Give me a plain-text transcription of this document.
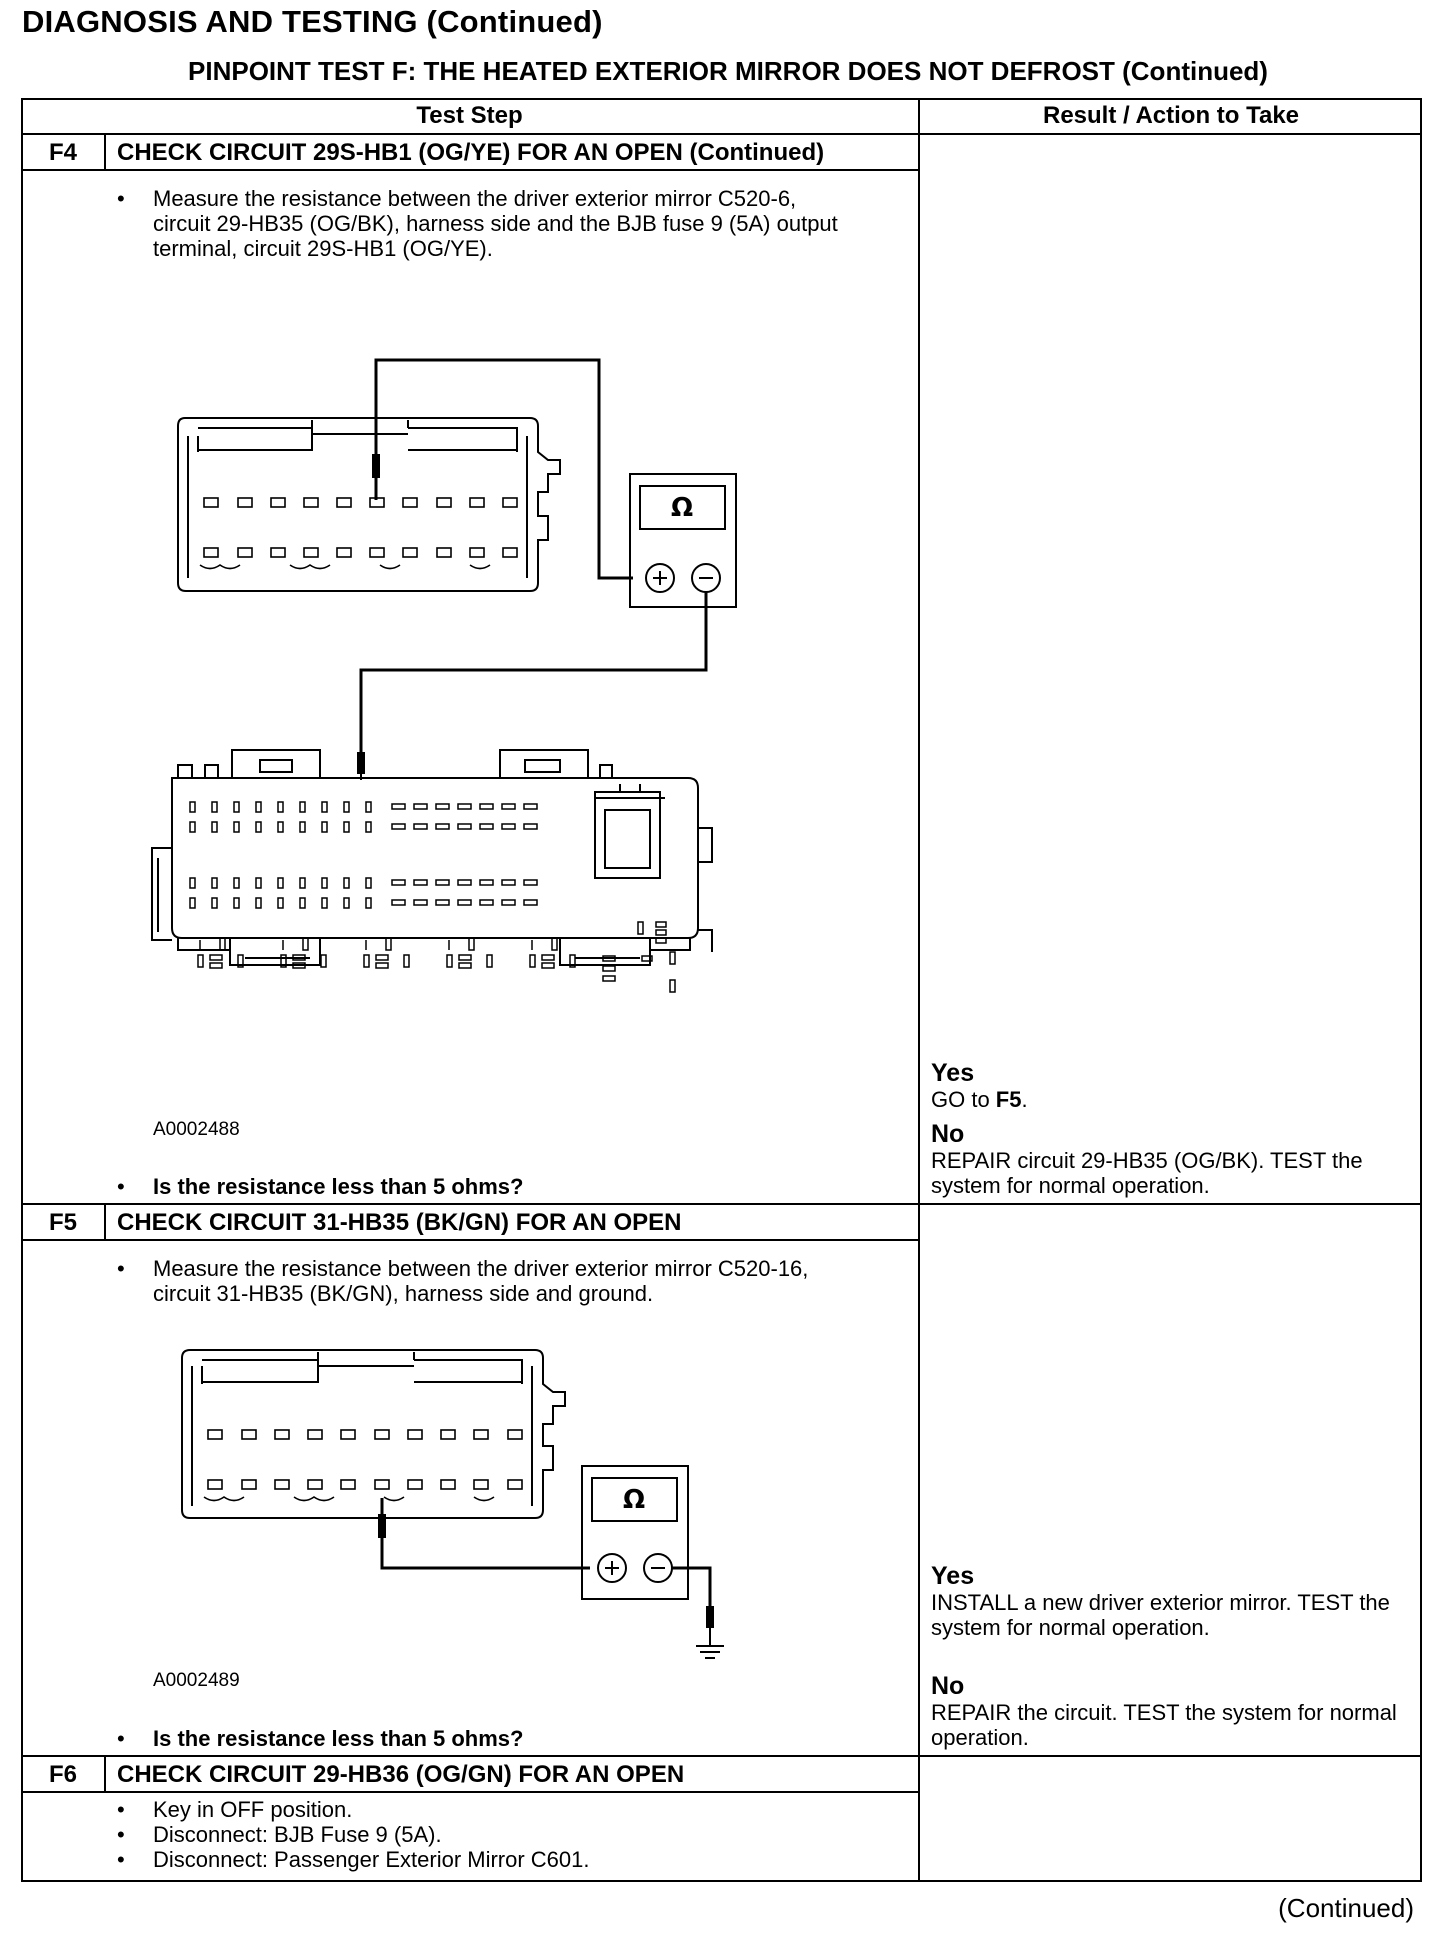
DIAGNOSIS AND TESTING (Continued)
PINPOINT TEST F: THE HEATED EXTERIOR MIRROR DOES NOT DEFROST (Continued)
Test Step	Result / Action to Take
F4	CHECK CIRCUIT 29S-HB1 (OG/YE) FOR AN OPEN (Continued)
• Measure the resistance between the driver exterior mirror C520-6, circuit 29-HB35 (OG/BK), harness side and the BJB fuse 9 (5A) output terminal, circuit 29S-HB1 (OG/YE).
Ω
A0002488
• Is the resistance less than 5 ohms?
Yes
GO to F5.
No
REPAIR circuit 29-HB35 (OG/BK). TEST the system for normal operation.
F5	CHECK CIRCUIT 31-HB35 (BK/GN) FOR AN OPEN
• Measure the resistance between the driver exterior mirror C520-16, circuit 31-HB35 (BK/GN), harness side and ground.
Ω
A0002489
• Is the resistance less than 5 ohms?
Yes
INSTALL a new driver exterior mirror. TEST the system for normal operation.
No
REPAIR the circuit. TEST the system for normal operation.
F6	CHECK CIRCUIT 29-HB36 (OG/GN) FOR AN OPEN
• Key in OFF position.
• Disconnect: BJB Fuse 9 (5A).
• Disconnect: Passenger Exterior Mirror C601.
(Continued)
